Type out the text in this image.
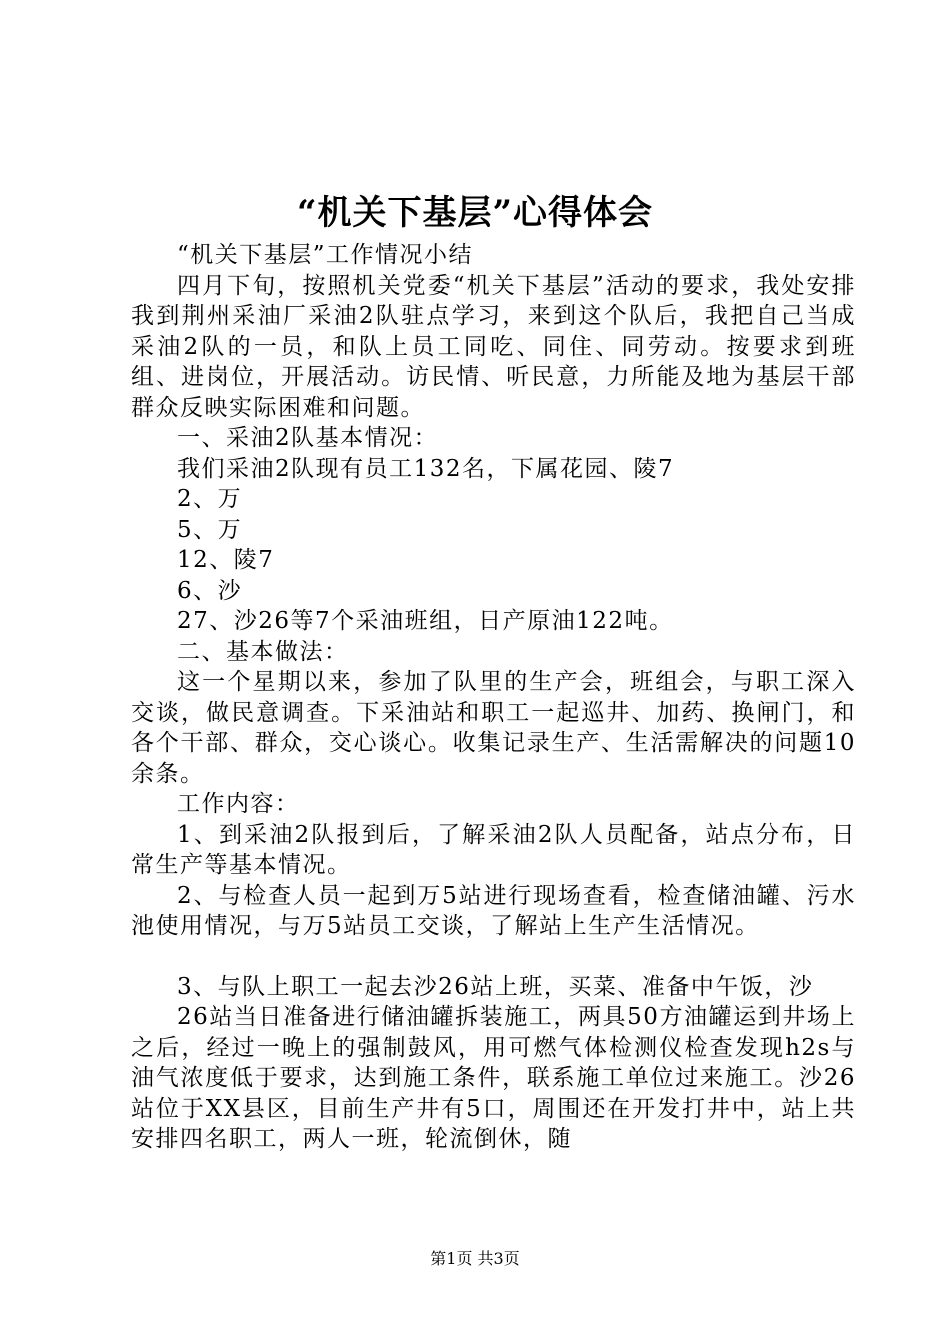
“机关下基层”心得体会

“机关下基层”工作情况小结

四月下旬，按照机关党委“机关下基层”活动的要求，我处安排我到荆州采油厂采油2队驻点学习，来到这个队后，我把自己当成采油2队的一员，和队上员工同吃、同住、同劳动。按要求到班组、进岗位，开展活动。访民情、听民意，力所能及地为基层干部群众反映实际困难和问题。

一、采油2队基本情况：

我们采油2队现有员工132名，下属花园、陵7

2、万

5、万

12、陵7

6、沙

27、沙26等7个采油班组，日产原油122吨。

二、基本做法：

这一个星期以来，参加了队里的生产会，班组会，与职工深入交谈，做民意调查。下采油站和职工一起巡井、加药、换闸门，和各个干部、群众，交心谈心。收集记录生产、生活需解决的问题10余条。

工作内容：

1、到采油2队报到后，了解采油2队人员配备，站点分布，日常生产等基本情况。

2、与检查人员一起到万5站进行现场查看，检查储油罐、污水池使用情况，与万5站员工交谈，了解站上生产生活情况。

3、与队上职工一起去沙26站上班，买菜、准备中午饭，沙

26站当日准备进行储油罐拆装施工，两具50方油罐运到井场上之后，经过一晚上的强制鼓风，用可燃气体检测仪检查发现h2s与油气浓度低于要求，达到施工条件，联系施工单位过来施工。沙26站位于XX县区，目前生产井有5口，周围还在开发打井中，站上共安排四名职工，两人一班，轮流倒休，随

第1页 共3页
